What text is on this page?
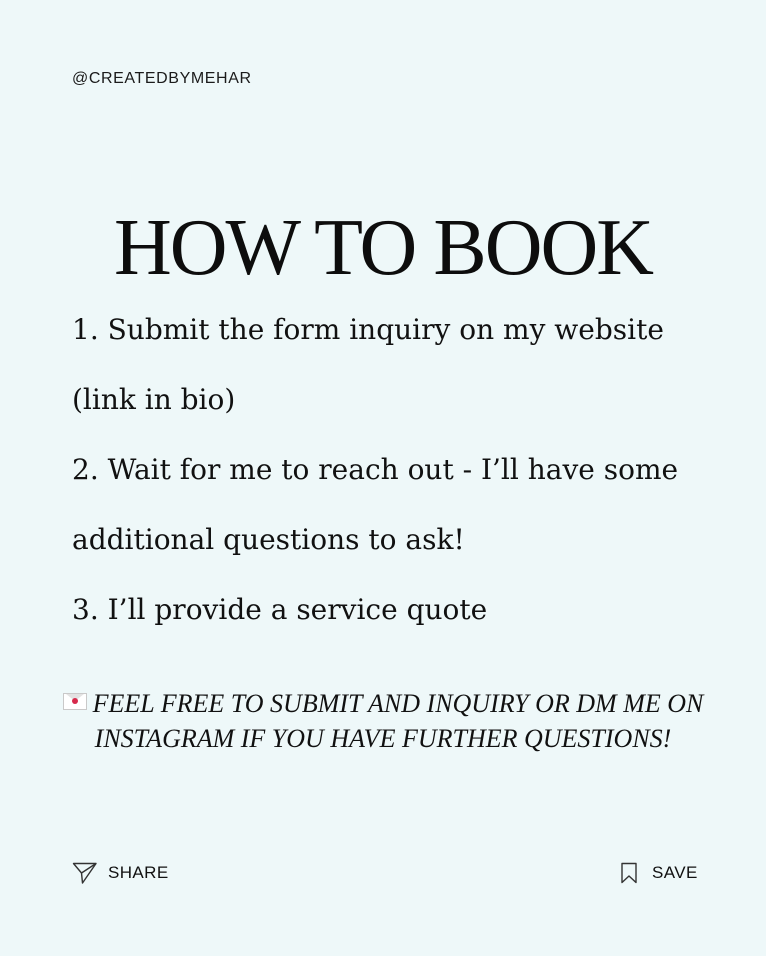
@CREATEDBYMEHAR
HOW TO BOOK
1. Submit the form inquiry on my website (link in bio)
2. Wait for me to reach out - I’ll have some additional questions to ask!
3. I’ll provide a service quote
FEEL FREE TO SUBMIT AND INQUIRY OR DM ME ON INSTAGRAM IF YOU HAVE FURTHER QUESTIONS!
SHARE	SAVE
